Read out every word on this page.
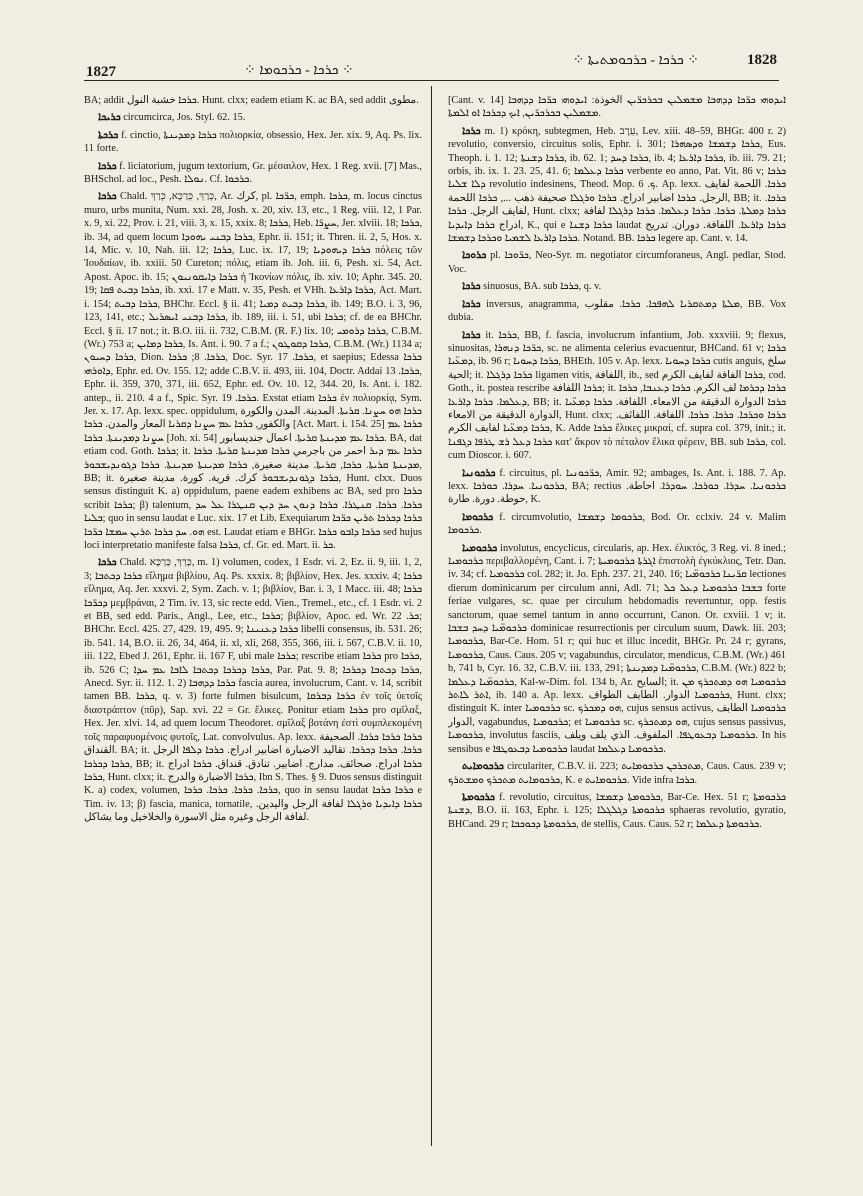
1827	⁘ ܟܪܟܐ - ܟܪܟܘܡܐ ⁘
⁘ ܟܪܟܐ - ܟܪܟܘܡܬܝܬܐ ⁘	1828

BA; addit ܟܪܟܐ خشبة النول. Hunt. clxx; eadem etiam K. ac BA, sed addit مطوى.

ܟܪܝܟܐ circumcirca, Jos. Styl. 62. 15.

ܟܪܟܬܐ f. cinctio, ܟܪܟܐ ܕܡܕܝܢܬܐ πολιορκία, obsessio, Hex. Jer. xix. 9, Aq. Ps. lix. 11 forte.

ܟܪܟܐ f. liciatorium, jugum textorium, Gr. μέσαιλον, Hex. 1 Reg. xvii. [7] Mas., BHSchol. ad loc., Pesh. ܢܘܠܐ. Cf. ܟܪܟܘܐ.

ܟܪܟܐ Chald. כְּרַךְ, כְּרַכָּא, כְּרַךְ, Ar. كرك, pl. ܟܪ̈ܟܐ, emph. ܟܪܟܐ, m. locus cinctus muro, urbs munita, Num. xxi. 28, Josh. x. 20, xiv. 13, etc., 1 Reg. viii. 12, 1 Par. x. 9, xi. 22, Prov. i. 21, viii. 3, x. 15, xxix. 8; ܟܪܟܐ, Heb. ܚܨܪ̈ܐ, Jer. xlviii. 18; ܟܪܟܐ, ib. 34, ad quem locum ܟܪܟܐ ܕܒܢܝ ܝܗܘܕܐ, Ephr. ii. 151; it. Thren. ii. 2, 5, Hos. x. 14, Mic. v. 10, Nah. iii. 12; ܟܪܟܐ, Luc. ix. 17, 19; ܟܪܟܐ ܕܝܗܘܕܝܐ πόλεις τῶν Ἰουδαίων, ib. xxiii. 50 Cureton; πόλις, etiam ib. Joh. iii. 6, Pesh. xi. 54, Act. Apost. Apoc. ib. 15; ܟܪܟܐ ܕܐܝܩܘܢܝܘܢ ἡ Ἰκονίων πόλις, ib. xiv. 10; Aphr. 345. 20. 19; ܟܪܟܐ ܕܒܝܬ ܦܩܐ, ib. xxi. 17 e Matt. v. 35, Pesh. et VHh. ܟܪܟܐ ܕܐܪܥܐ, Act. Mart. i. 154; ܟܪܟܐ ܕܒܝܬ, BHChr. Eccl. § ii. 41; ܟܪܟܐ ܕܒܝܬ ܕܡܝܐ, ib. 149; B.O. i. 3, 96, 123, 141, etc.; ܟܪܟܐ ܕܒܢܝ ܐܝܣܪܝܠ, ib. 189, iii. i. 51, ubi ܟܪܟܐ; cf. de ea BHChr. Eccl. § ii. 17 not.; it. B.O. iii. ii. 732, C.B.M. (R. F.) lix. 10; ܟܪܟܐ ܕܪܘܡܝ, C.B.M. (Wr.) 753 a; ܟܪܟܐ ܕܡܐܝܢ, Is. Ant. i. 90. 7 a f.; ܟܪܟܐ ܕܩܘܛܘܢ, C.B.M. (Wr.) 1134 a; ܟܪܟܐ ܕܚܝܘܢ, Dion. ܟܪܟܐ. 8; ܟܪܟܐ, Doc. Syr. ܟܪܟܐ. 17, et saepius; Edessa ܟܪܟܐ ܕܐܘܪܗܝ, Ephr. ed. Ov. 155. 12; adde C.B.V. ii. 493, iii. 104, Doctr. Addai ܟܪܟܐ. 13, Ephr. ii. 359, 370, 371, iii. 652, Ephr. ed. Ov. 10. 12, 344. 20, Is. Ant. i. 182. antep., ii. 210. 4 a f., Spic. Syr. ܟܪܟܐ. 19. Exstat etiam ܟܪܟܐ ἐν πολιορκίᾳ, Sym. Jer. x. 17. Ap. lexx. spec. oppidulum, ܟܪܟܐ ܗܘ ܚܨܢܐ. ܩܪܝܬܐ. المدينة. المدن والكورة والكفور, ܟܪܟܐ ܥܡ ܚܨܢܐ ܕܩܪܝܐ المعاز والمدن. ܟܪܟܐ [Act. Mart. i. 154. 25] ܟܪܟܐ ܥܡ ܚܨܢܐ ܕܡܕܝܢܬܐ. ܟܪܟܐ [Joh. xi. 54] ܟܪܟܐ ܥܡ ܡܕܝܢܬܐ ܩܪܝܬܐ. اعمال جنديسابور. BA, dat etiam cod. Goth. ܟܪܟܐ; it. ܟܪܟܐ ܥܡ ܕܝܪ احمر من باجرمي ܟܪܟܐ ܡܕܝܢܬܐ ܩܪܝܬܐ. ܟܪܟܐ ܡܕܝܢܬܐ ܩܪܝܬܐ. ܟܪܟܐ, ܩܪܝܬܐ. مدينة صغيرة, ܟܪܟܐ ܡܕܝܢܬܐ ܡܕܝܢܬܐ. ܟܪܟܐ ܕܓܘܢܕܝܫܒܘܪ, BB; it. ܟܪܟܐ ܕܓܘܢܕܝܫܒܘܪ كرك. قرية. كورة. مدينة صغيرة, Hunt. clxx. Duos sensus distinguit K. a) oppidulum, paene eadem exhibens ac BA, sed pro ܟܪܟܐ scribit ܟܪܟܐ; β) talentum, ܟܪܟܐ. ܟܪܟܐ. ܩܢܛܪܐ. ܟܪܟܐ ܕܢܘܢ ܚܕ ܕܝܢ ܩܢܛܪܐ ܥܠ ܚܕ ܒܠܝܐ; quo in sensu laudat e Luc. xix. 17 et Lib. Exequiarum ܟܪܟܐ ܕܟܪܟܐ ܬܪܝܢ ܟܪ̈ܟܐ ܗܘ. ܚܕ ܟܪܟܐ ܬܪܝܢ ܚܡܫܐ ܟܪ̈ܟܐ est. Laudat etiam e BHGr. ܟܪܟܐ ܕܐܒܘ ܟܪܟܐ sed hujus loci interpretatio manifeste falsa ܟܪܟܐ, cf. Gr. ed. Mart. ii. ܟܪ.

ܟܪܟܐ Chald. כְּרַךְ, כְּרַכָּא, m. 1) volumen, codex, 1 Esdr. vi. 2, Ez. ii. 9, iii. 1, 2, 3; ܟܪܟܐ ܕܟܬܒܐ εἴλημα βιβλίου, Aq. Ps. xxxix. 8; βιβλίον, Hex. Jes. xxxiv. 4; ܟܪܟܐ εἴλημα, Aq. Jer. xxxvi. 2, Sym. Zach. v. 1; βιβλίον, Bar. i. 3, 1 Macc. iii. 48; ܟܪܟܐ ܕܟܪ̈ܟܐ μεμβράναι, 2 Tim. iv. 13, sic recte edd. Vien., Tremel., etc., cf. 1 Esdr. vi. 2 et BB, sed edd. Paris., Angl., Lee, etc., ܟܪܟܐ; βιβλίον, Apoc. ed. Wr. ܟܪ. 22; BHChr. Eccl. 425. 27, 429. 19, 495. 9; ܟܪܟܐ ܕܥܢܝܢܐ libelli consensus, ib. 531. 26; ib. 541. 14, B.O. ii. 26, 34, 464, ii. xl, xli, 268, 355, 366, iii. i. 567, C.B.V. ii. 10, iii. 122, Ebed J. 261, Ephr. ii. 167 F, ubi male ܟܪܟܐ; rescribe etiam ܟܪܟܐ pro ܟܪܟܐ, ib. 526 C; ܟܪܟܐ ܕܟܪܟܐ ܕܟܬܒܐ ܠܐܒܐ ܥܡ ܚܕܐ, Par. Pat. 9. 8; ܟܪܟܐ ܕܟܬܒܐ ܕܟܪܟܐ, Anecd. Syr. ii. 112. 1. 2) ܟܪܟܐ ܕܕܗܒܐ fascia aurea, involucrum, Cant. v. 14, scribit tamen BB. ܟܪܟܐ, q. v. 3) forte fulmen bisulcum, ܟܪܟܐ ܕܒܪܩܐ ἐν τοῖς ὑετοῖς διαστράπτον (πῦρ), Sap. xvi. 22 = Gr. ἕλικες. Ponitur etiam ܟܪܟܐ pro σμῖλαξ, Hex. Jer. xlvi. 14, ad quem locum Theodoret. σμῖλαξ βοτάνη ἐστὶ συμπλεκομένη τοῖς παραφυομένοις φυτοῖς, Lat. convolvulus. Ap. lexx. ܟܪܟܐ ܟܪܟܐ ܟܪܟܐ. الصحيفة القنداق. BA; it. ܟܪܟܐ. ܟܪܟܐ ܕܟܪܟܐ. تقاليد الاضبارة اضابير ادراج. ܟܪܟܐ ܕܠܦܐ الرجل ܟܪܟܐ ܕܟܪܟܐ, BB; it. ܟܪܟܐ ادراج. صحائف. مدارج. اضابير. تنادق. قنداق. ܟܪܟܐ ادراج ܟܪܟܐ, Hunt. clxx; it. ܟܪܟܐ الاضبارة والدرج, Ibn S. Thes. § 9. Duos sensus distinguit K. a) codex, volumen, ܟܪܟܐ. ܟܪܟܐ. ܟܪܟܐ. ܟܪܟܐ, quo in sensu laudat ܟܪܟܐ ܟܪܟܐ e Tim. iv. 13; β) fascia, manica, tornatile, ܟܪܟܐ ܕܐܝܕܝܐ ܘܪܓܠܐ لفافة الرجل واليدين. لفافة الرجل وغيره مثل الاسورة والخلاخيل وما يشاكل.

[Cant. v. 14] ܐܝܕܘܗܝ ܟܪ̈ܟܐ ܕܕܗܒܐ ܡܫܡܠܝܢ ܒܟܪܟܪ̈ܝܢ الخوذة: ܐܝܕܘܗܝ ܟܪ̈ܟܐ ܕܕܗܒܐ ܡܫܡܠܝܢ ܒܟܪܟܪ̈ܝܢ, ܐܝܟ ܕܟܪܟܐ ܐܘ ܐܠܡܬܐ.

ܟܪܟܐ m. 1) κρόκη, subtegmen, Heb. עֵרֶב, Lev. xiii. 48–59, BHGr. 400 r. 2) revolutio, conversio, circuitus solis, Ephr. i. 301; ܟܪܟܐ ܕܫܡܫܐ ܘܕܣܗܪܐ, Eus. Theoph. i. 1. 12; ܟܪܟܐ ܕܫܢܬܐ, ib. 62. 1; ܟܪܟܐ ܕܚܕ, ib. 4; ܟܪܟܐ ܕܐܪܥܐ, ib. iii. 79. 21; orbis, ib. ix. 1. 23. 25, 41. 6; ܟܪܟܐ ܕܥܠܡܐ verbente eo anno, Pat. Vit. 86 v; ܟܪܟܐ ܕܠܐ ܫܠܝܐ revolutio indesinens, Theod. Mop. ܟ. 6. Ap. lexx. ܟܪܟܐ. اللحمة لفايف الرجل. ܟܪܟܐ اضابير ادراج. ܟܪܟܐ ܘܪܓܠܐ صحيفة ذهب ..., ܟܪܟܐ اللحمة, BB; it. ܟܪܟܐ. لفايف الرجل. ܟܪܟܐ, Hunt. clxx; ܟܪܟܐ ܕܡܠܬܐ. ܟܪܟܐ. ܟܪܟܐ ܕܥܠܡܐ. ܟܪܟܐ ܕܪܓܠܐ لفافة ادراج ܟܪܟܐ ܕܐܝܕܝܐ, K., qui e ܟܪܟܐ ܕܫܢܐ laudat ܟܪܟܐ ܕܐܪܥܐ. اللفافة. دوران. تدريج ܟܪܟܐ ܕܐܪܥܐ ܠܫܡܝܐ ܘܟܪܟܐ ܕܫܡܫܐ. Notand. BB. ܟܪܟܐ legere ap. Cant. v. 14.

ܟܪܘܟܐ pl. ܟܪ̈ܘܟܐ, Neo-Syr. m. negotiator circumforaneus, Angl. pedlar, Stod. Voc.

ܟܪܟܐ sinuosus, BA. sub ܟܪܟܐ, q. v.

ܟܪܟܐ inversus, anagramma, ܡܠܬܐ ܕܡܬܩܪܝܐ ܠܗܦܟܐ. ܟܪܟܐ. مقلوب, BB. Vox dubia.

ܟܪܟܐ it. ܟܪܟܐ, BB, f. fascia, involucrum infantium, Job. xxxviii. 9; flexus, sinuositas, ܟܪ̈ܟܐ ܕܢܗܪܐ, sc. ne alimenta celerius evacuentur, BHCand. 61 v; ܟܪܟܐ ܕܡܥ̈ܝܐ, ib. 96 r; ܟܪܟܐ ܕܚܘܝܐ, BHEth. 105 v. Ap. lexx. ܟܪܟܐ ܕܚܘܝܐ cutis anguis, سلخ الحية; it. ܟܪܟܐ ܕܪܓܠܐ ligamen vitis, اللفافة, ib., sed ܟܪܟܐ الفافة لفايف الكرم, cod. Goth., it. postea rescribe ܟܪܟܐ اللفافة; it. ܟܪܟܐ ܕܟܪܡܐ لف الكرم. ܟܪܟܐ ܕܥܢܒܐ, ܟܪܟܐ ܕܥܠܡܐ. ܟܪܟܐ ܕܐܪܥܐ, BB; it. ܟܪܟܐ الدوارة الدقيقة من الامعاء. اللفافة. ܟܪܟܐ ܕܡܥ̈ܝܐ الدوارة الدقيقة من الامعاء, Hunt. clxx; ܟܪܟܐ ܘܟܪܟܐ. ܟܪܟܐ. ܟܪܟܐ. اللفافة. اللفائف. ܟܪܟܐ ܕܡܥ̈ܝܐ لفايف الكرم, K. Adde ܟܪܟܐ ἕλικες μικραί, cf. supra col. 379, init.; it. ܟܪܟܐ ܕܥܠ ܪܫ ܛܪܦܐ ܕܓܦܢܐ κατ' ἄκρον τὸ πέταλον ἕλικα φέρειν, BB. sub ܟܪܟܐ, col. cum Dioscor. i. 607.

ܟܪܟܘܢܝܐ f. circuitus, pl. ܟܪ̈ܟܘܢܝܐ, Amir. 92; ambages, Is. Ant. i. 188. 7. Ap. lexx. ܟܪܟܘܢܝܐ. ܚܕܪܐ. ܟܘܪܟܐ, BA; rectius ܟܪܟܘܢܝܐ. ܚܕܪܐ. ܟܘܪܟܐ. ܚܘܕܪܐ. احاطة. حوطة. دورة. طارة, K.

ܟܪܟܘܡܐ f. circumvolutio, ܟܪܟܘܡܐ ܕܫܡܫܐ, Bod. Or. cclxiv. 24 v. Malim ܟܪܟܘܡܐ.

ܟܪܟܘܡܝܐ involutus, encyclicus, circularis, ap. Hex. ἑλικτός, 3 Reg. vi. 8 ined.; ܟܪܟܘܡܝܐ περιβαλλομένη, Cant. i. 7; ܐܓܪܬܐ ܟܪܟܘܡܝܬܐ ἐπιστολὴ ἐγκύκλιος, Tetr. Dan. iv. 34; cf. ܟܪܟܘܡܝܐ col. 282; it. Jo. Eph. 237. 21, 240. 16; ܩܪ̈ܝܢܐ ܟܪܟܘܡ̈ܝܐ lectiones dierum dominicarum per circulum anni, Adl. 71; ܒܫܒܐ ܟܪܟܘܡܝܐ ܕܥܠ ܟܠ forte feriae vulgares, sc. quae per circulum hebdomadis revertuntur, opp. festis sanctorum, quae semel tantum in anno occurrunt, Canon. Or. cxviii. 1 v; it. ܟܪܟܘܡ̈ܝܐ ܕܚܕ ܒܫܒܐ dominicae resurrectionis per circulum suum, Dawk. lii. 203; ܟܪܟܘܡܝܐ, Bar-Ce. Hom. 51 r; qui huc et illuc incedit, BHGr. Pr. 24 r; gyrans, ܟܪܟܘܡܝܐ, Caus. Caus. 205 v; vagabundus, circulator, mendicus, C.B.M. (Wr.) 461 b, 741 b, Cyr. 16. 32, C.B.V. iii. 133, 291; ܟܪܟܘܡ̈ܝܐ ܕܡܕܝܢܬܐ, C.B.M. (Wr.) 822 b; ܟܪܟܘܡ̈ܝܐ ܕܥܠܡܐ, Kal-w-Dim. fol. 134 b, Ar. السايح; it. ܟܪܟܘܡܝܐ ܗܘ ܕܡܬܟܪܟ ܡܢ ܐܬܪ ܠܐܬܪ, ib. 140 a. Ap. lexx. ܟܪܟܘܡܝܐ الدوار. الطايف الطواف, Hunt. clxx; distinguit K. inter ܟܪܟܘܡܝܐ sc. ܗܘ ܕܡܟܪܟ, cujus sensus activus, ܟܪܟܘܡܝܐ الطايف الدوار, vagabundus, ܟܪܟܘܡܝܐ; et ܟܪܟܘܡܝܐ sc. ܗܘ ܕܡܬܟܪܟ, cujus sensus passivus, ܟܪܟܘܡܝܐ, involutus fasciis, ܟܪܟܘܡܝܐ ܕܒܥܘܛܦܐ. الملفوف. الذي يلف ويلف. In his sensibus e ܟܪܟܘܡܝܐ ܕܒܥܘܛܦܐ laudat ܟܪܟܘܡܝܐ ܕܥܠܡܐ.

ܟܪܟܘܡܐܝܬ circulariter, C.B.V. ii. 223; ܡܬܟܪܟܢ ܟܪܟܘܡܐܝܬ, Caus. Caus. 239 v; ܟܪܟܘܡܐܝܬ ܡܬܟܪܟ ܘܡܫܬܪܟ, K. e ܟܪܟܘܡܐܝܬ. Vide infra ܟܪܟܐ.

ܟܪܟܘܡܬܐ f. revolutio, circuitus, ܟܪܟܘܡܬܐ ܕܫܡܫܐ, Bar-Ce. Hex. 51 r; ܟܪܟܘܡܬܐ ܕܫܢܬܐ, B.O. ii. 163, Ephr. i. 125; ܟܪܟܘܡܬܐ ܕܓܠܓܠܐ sphaeras revolutio, gyratio, BHCand. 29 r; ܟܪܟܘܡܬܐ ܕܟܘܟܒܐ, de stellis, Caus. Caus. 52 r; ܟܪܟܘܡܬܐ ܕܥܠܡܐ.
